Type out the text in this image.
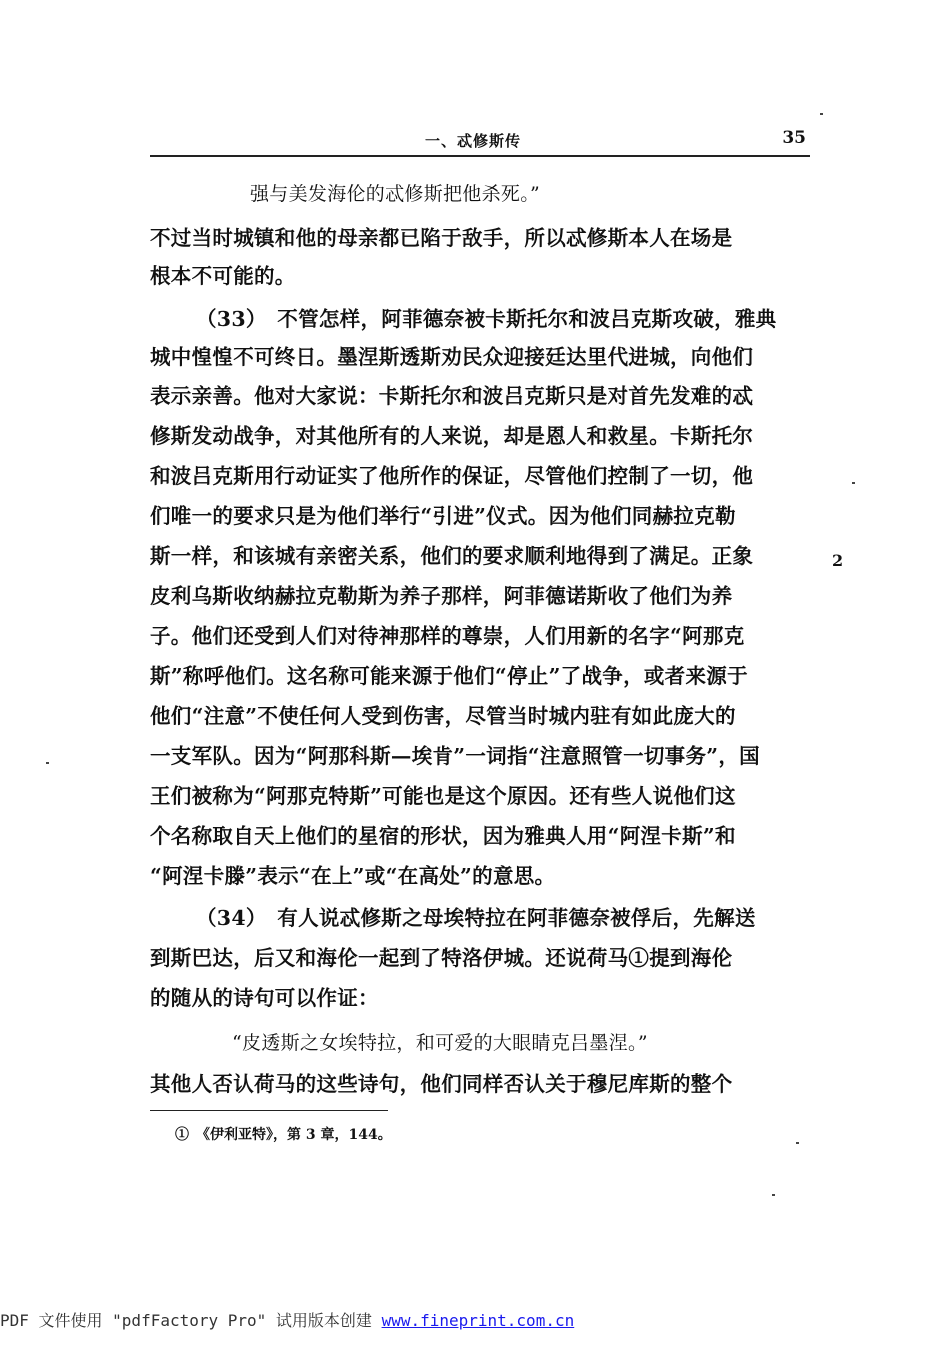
一、忒修斯传	35
强与美发海伦的忒修斯把他杀死。”
不过当时城镇和他的母亲都已陷于敌手，所以忒修斯本人在场是
根本不可能的。
（33）　不管怎样，阿菲德奈被卡斯托尔和波吕克斯攻破，雅典
城中惶惶不可终日。墨涅斯透斯劝民众迎接廷达里代进城，向他们
表示亲善。他对大家说：卡斯托尔和波吕克斯只是对首先发难的忒
修斯发动战争，对其他所有的人来说，却是恩人和救星。卡斯托尔
和波吕克斯用行动证实了他所作的保证，尽管他们控制了一切，他
们唯一的要求只是为他们举行“引进”仪式。因为他们同赫拉克勒
斯一样，和该城有亲密关系，他们的要求顺利地得到了满足。正象
皮利乌斯收纳赫拉克勒斯为养子那样，阿菲德诺斯收了他们为养
子。他们还受到人们对待神那样的尊崇，人们用新的名字“阿那克
斯”称呼他们。这名称可能来源于他们“停止”了战争，或者来源于
他们“注意”不使任何人受到伤害，尽管当时城内驻有如此庞大的
一支军队。因为“阿那科斯—埃肯”一词指“注意照管一切事务”，国
王们被称为“阿那克特斯”可能也是这个原因。还有些人说他们这
个名称取自天上他们的星宿的形状，因为雅典人用“阿涅卡斯”和
“阿涅卡滕”表示“在上”或“在高处”的意思。
（34）　有人说忒修斯之母埃特拉在阿菲德奈被俘后，先解送
到斯巴达，后又和海伦一起到了特洛伊城。还说荷马①提到海伦
的随从的诗句可以作证：
“皮透斯之女埃特拉，和可爱的大眼睛克吕墨涅。”
其他人否认荷马的这些诗句，他们同样否认关于穆尼库斯的整个
2
①　《伊利亚特》，第 3 章，144。
PDF 文件使用 "pdfFactory Pro" 试用版本创建 www.fineprint.com.cn
